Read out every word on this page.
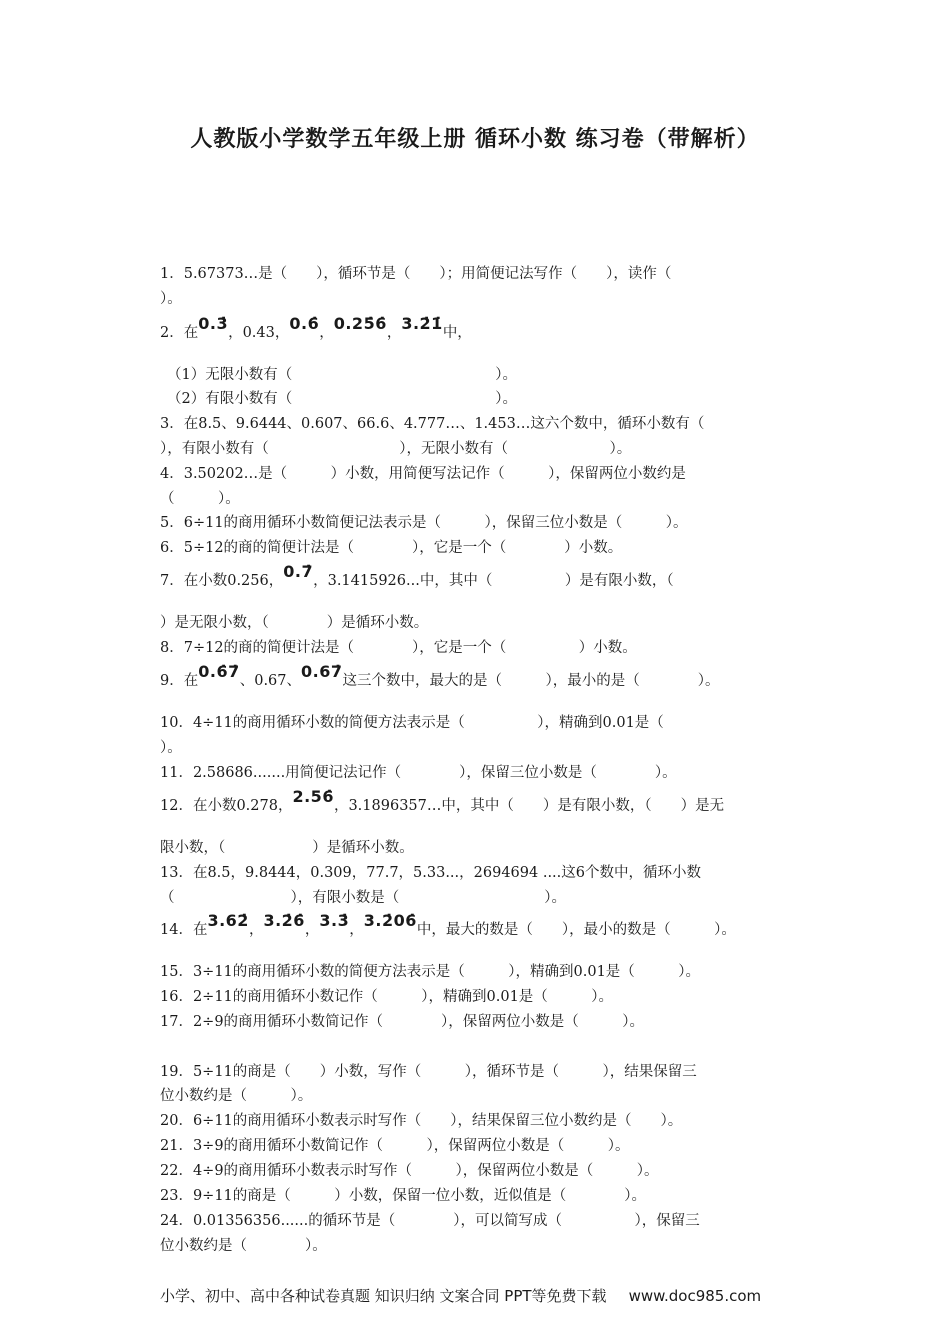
人教版小学数学五年级上册 循环小数 练习卷（带解析）
1．5.67373…是（　　），循环节是（　　）；用简便记法写作（　　），读作（
）。
2．在0.3̇，0.43，0.6̇，0.25̇6̇，3.2̇1̇中，
（1）无限小数有（　　　　　　　　　　　　　　）。
（2）有限小数有（　　　　　　　　　　　　　　）。
3．在8.5、9.6444、0.607、66.6、4.777…、1.453…这六个数中，循环小数有（
），有限小数有（　　　　　　　　　），无限小数有（　　　　　　　）。
4．3.50202…是（　　　）小数，用简便写法记作（　　　），保留两位小数约是
（　　　）。
5．6÷11的商用循环小数简便记法表示是（　　　），保留三位小数是（　　　）。
6．5÷12的商的简便计法是（　　　　），它是一个（　　　　）小数。
7．在小数0.256，0.7̇，3.1415926...中，其中（　　　　　）是有限小数，（
）是无限小数，（　　　　）是循环小数。
8．7÷12的商的简便计法是（　　　　），它是一个（　　　　　）小数。
9．在0.6̇7̇、0.67、0.67̇这三个数中，最大的是（　　　），最小的是（　　　　）。
10．4÷11的商用循环小数的简便方法表示是（　　　　　），精确到0.01是（
）。
11．2.58686.......用简便记法记作（　　　　），保留三位小数是（　　　　）。
12．在小数0.278，2.56̇，3.1896357…中，其中（　　）是有限小数，（　　）是无
限小数，（　　　　　　）是循环小数。
13．在8.5，9.8444，0.309，77.7，5.33...，2694694 ....这6个数中，循环小数
（　　　　　　　　），有限小数是（　　　　　　　　　　）。
14．在3.62̇，3.2̇6̇，3.3̇，3.2̇06̇中，最大的数是（　　），最小的数是（　　　）。
15．3÷11的商用循环小数的简便方法表示是（　　　），精确到0.01是（　　　）。
16．2÷11的商用循环小数记作（　　　），精确到0.01是（　　　）。
17．2÷9的商用循环小数简记作（　　　　），保留两位小数是（　　　）。
19．5÷11的商是（　　）小数，写作（　　　），循环节是（　　　），结果保留三
位小数约是（　　　）。
20．6÷11的商用循环小数表示时写作（　　），结果保留三位小数约是（　　）。
21．3÷9的商用循环小数简记作（　　　），保留两位小数是（　　　）。
22．4÷9的商用循环小数表示时写作（　　　），保留两位小数是（　　　）。
23．9÷11的商是（　　　）小数，保留一位小数，近似值是（　　　　）。
24．0.01356356......的循环节是（　　　　），可以简写成（　　　　　），保留三
位小数约是（　　　　）。
小学、初中、高中各种试卷真题 知识归纳 文案合同 PPT等免费下载 www.doc985.com
